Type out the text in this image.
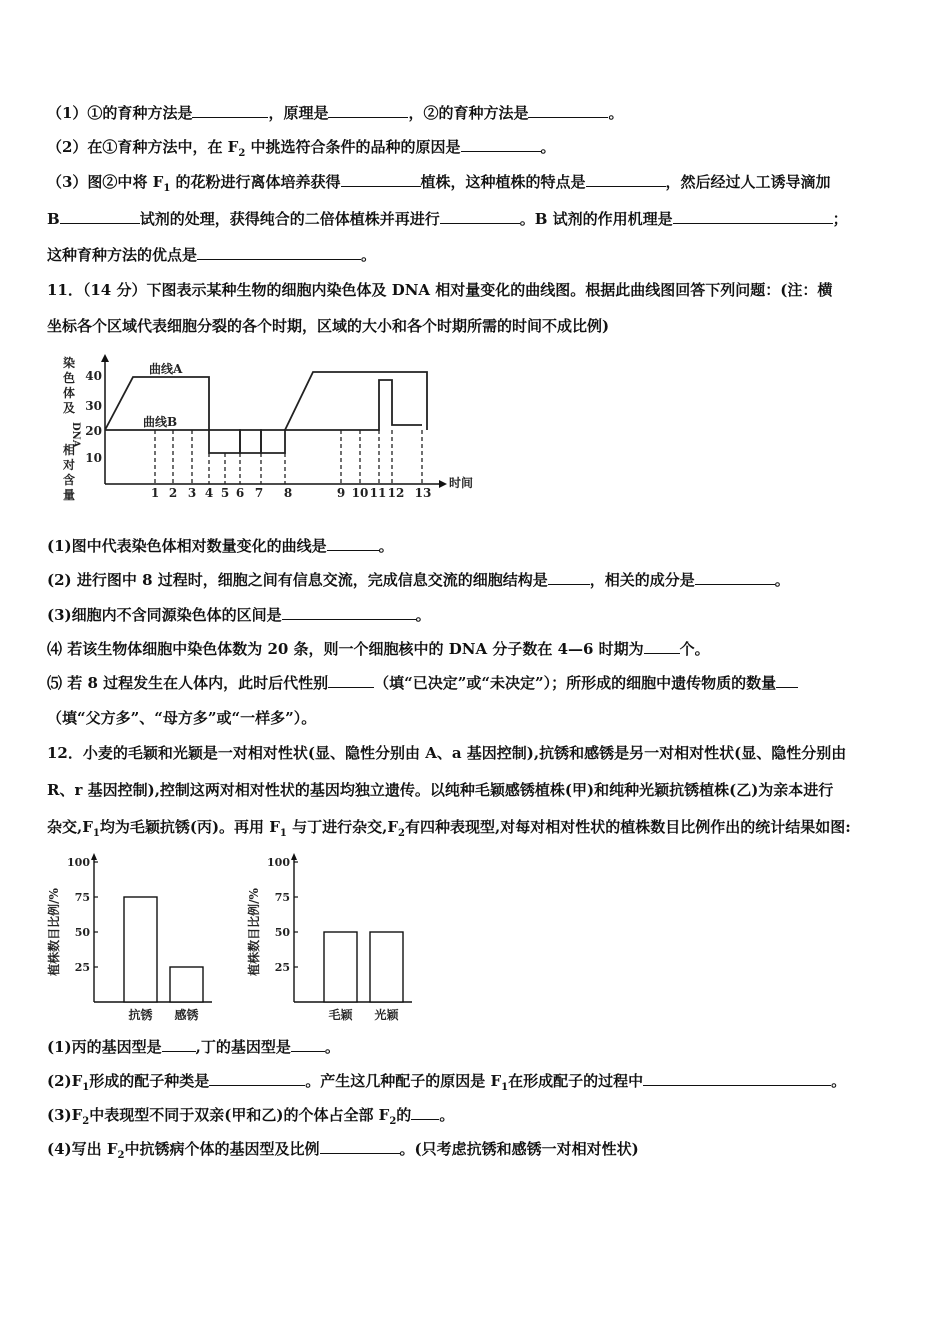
（1）①的育种方法是	，原理是	，②的育种方法是	。
（2）在①育种方法中，在 $F_2$ 中挑选符合条件的品种的原因是	。
（3）图②中将 $F_1$ 的花粉进行离体培养获得	植株，这种植株的特点是	，然后经过人工诱导滴加
B	试剂的处理，获得纯合的二倍体植株并再进行	。B 试剂的作用机理是	；
这种育种方法的优点是	。
11．（14 分）下图表示某种生物的细胞内染色体及 DNA 相对量变化的曲线图。根据此曲线图回答下列问题：(注：横
坐标各个区域代表细胞分裂的各个时期，区域的大小和各个时期所需的时间不成比例)
染
色
体
及
DNA
相
对
含
量
10
20
30
40	曲线A
曲线B
1 2 3 4 5 6 7 8	9 10 11 12 13
时间
(1)图中代表染色体相对数量变化的曲线是	。
(2) 进行图中 8 过程时，细胞之间有信息交流，完成信息交流的细胞结构是	，相关的成分是	。
(3)细胞内不含同源染色体的区间是	。
⑷ 若该生物体细胞中染色体数为 20 条，则一个细胞核中的 DNA 分子数在 4—6 时期为 个。
⑸ 若 8 过程发生在人体内，此时后代性别	（填“已决定”或“未决定”）；所形成的细胞中遗传物质的数量
（填“父方多”、“母方多”或“一样多”）。
12．小麦的毛颖和光颖是一对相对性状(显、隐性分别由 A、a 基因控制),抗锈和感锈是另一对相对性状(显、隐性分别由
R、r 基因控制),控制这两对相对性状的基因均独立遗传。以纯种毛颖感锈植株(甲)和纯种光颖抗锈植株(乙)为亲本进行
杂交$,F_1$均为毛颖抗锈(丙)。再用 $F_1$ 与丁进行杂交$,F_2$有四种表现型,对每对相对性状的植株数目比例作出的统计结果如图:
植株数目比例/% 25
50
75
100
抗锈 感锈
植株数目比例/% 25
50
75
100
毛颖 光颖
(1)丙的基因型是 ,丁的基因型是 。
$(2)F_1$形成的配子种类是	。产生这几种配子的原因是 $F_1$在形成配子的过程中	。
$(3)F_2$中表现型不同于双亲(甲和乙)的个体占全部 $F_2$的 。
(4)写出 $F_2$中抗锈病个体的基因型及比例	。(只考虑抗锈和感锈一对相对性状)
